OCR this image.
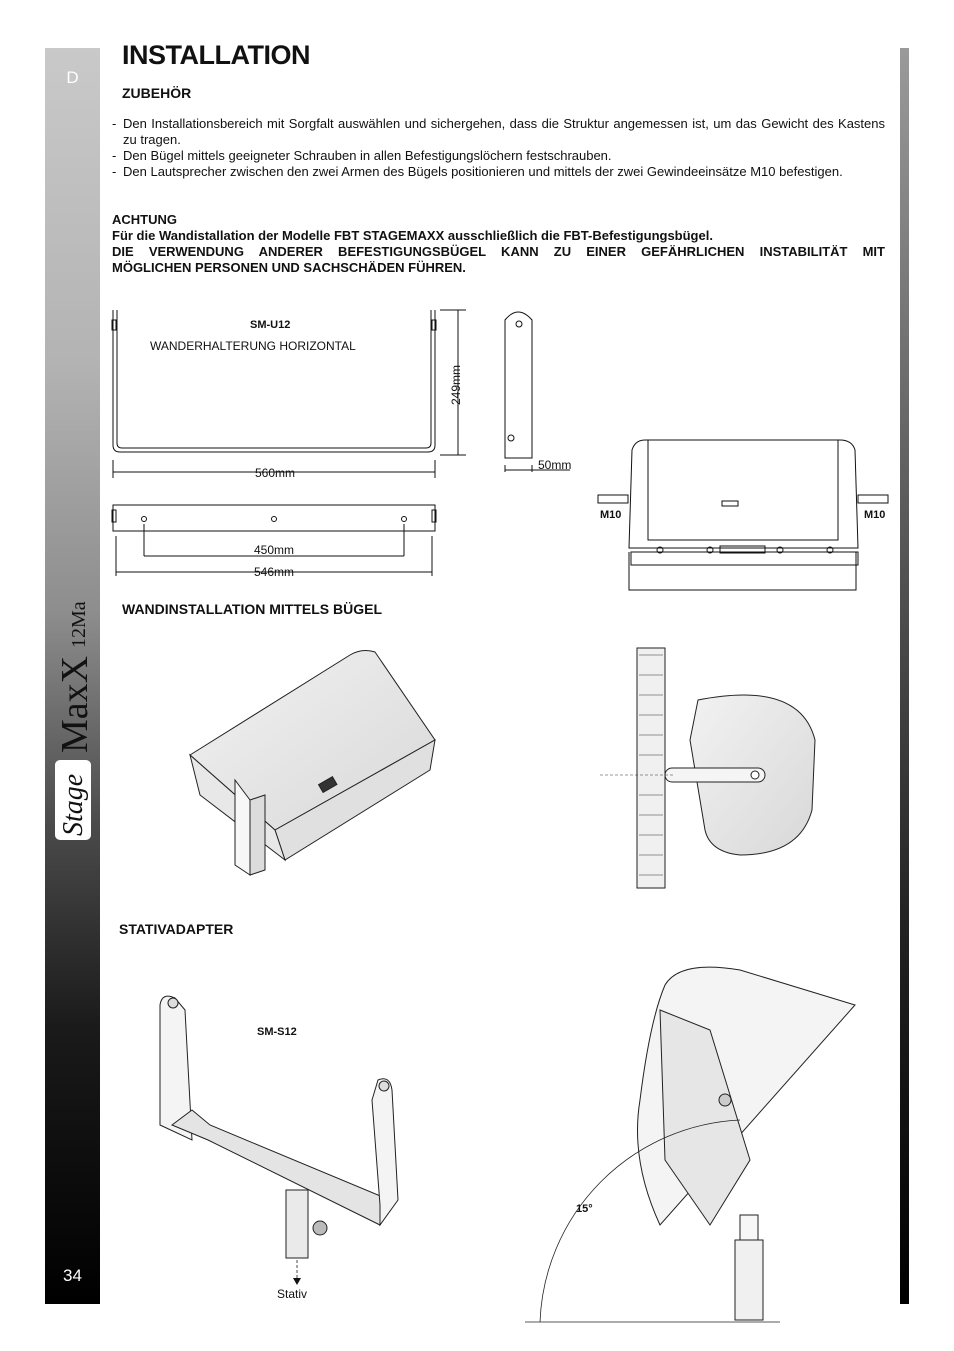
D
Stage
MaxX
12Ma
34
INSTALLATION
ZUBEHÖR
- Den Installationsbereich mit Sorgfalt auswählen und sichergehen, dass die Struktur angemessen ist, um das Gewicht des Kastens zu tragen.
- Den Bügel mittels geeigneter Schrauben in allen Befestigungslöchern festschrauben.
- Den Lautsprecher zwischen den zwei Armen des Bügels positionieren und mittels der zwei Gewindeeinsätze M10 befestigen.
ACHTUNG
Für die Wandistallation der Modelle FBT STAGEMAXX ausschließlich die FBT-Befestigungsbügel.
DIE VERWENDUNG ANDERER BEFESTIGUNGSBÜGEL KANN ZU EINER GEFÄHRLICHEN INSTABILITÄT MIT
MÖGLICHEN PERSONEN UND SACHSCHÄDEN FÜHREN.
SM-U12
WANDERHALTERUNG HORIZONTAL
249mm
560mm
50mm
450mm
546mm
M10	M10
WANDINSTALLATION MITTELS BÜGEL
STATIVADAPTER
SM-S12
Stativ
15°
